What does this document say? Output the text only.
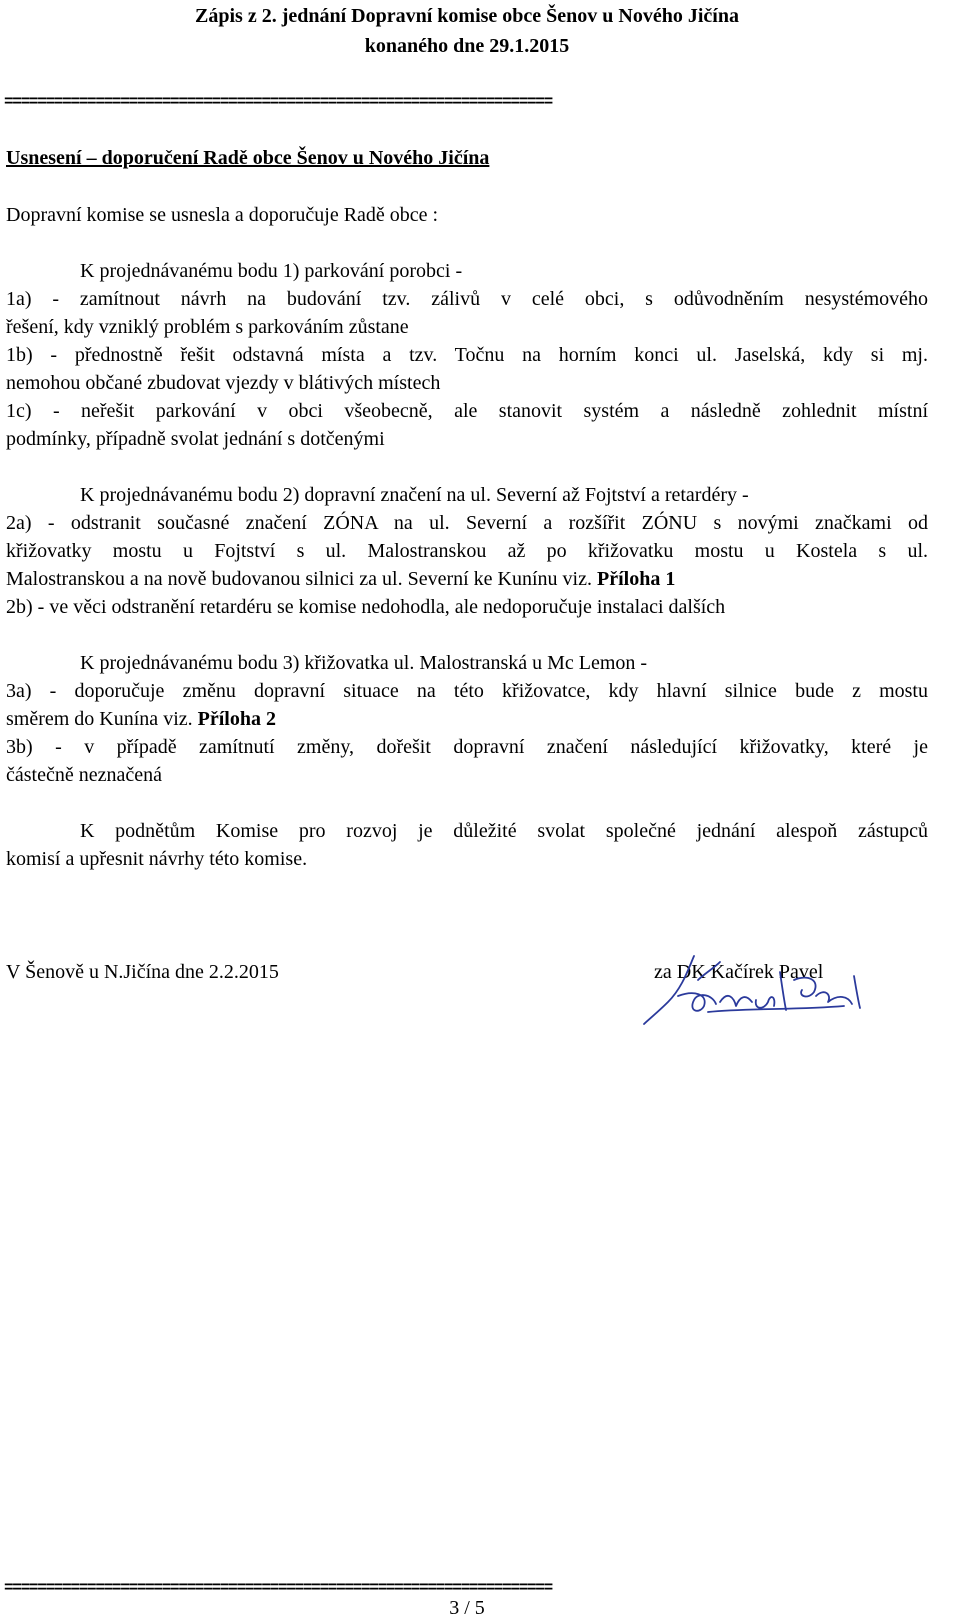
Zápis z 2. jednání Dopravní komise obce Šenov u Nového Jičína
konaného dne 29.1.2015
==================================================================
Usnesení – doporučení Radě obce Šenov u Nového Jičína
Dopravní komise se usnesla a doporučuje Radě obce :
K projednávanému bodu 1) parkování porobci -
1a) - zamítnout návrh na budování tzv. zálivů v celé obci, s odůvodněním nesystémového
řešení, kdy vzniklý problém s parkováním zůstane
1b) - přednostně řešit odstavná místa a tzv. Točnu na horním konci ul. Jaselská, kdy si mj.
nemohou občané zbudovat vjezdy v blátivých místech
1c) - neřešit parkování v obci všeobecně, ale stanovit systém a následně zohlednit místní
podmínky, případně svolat jednání s dotčenými
K projednávanému bodu 2) dopravní značení na ul. Severní až Fojtství a retardéry -
2a) - odstranit současné značení ZÓNA na ul. Severní a rozšířit ZÓNU s novými značkami od
křižovatky mostu u Fojtství s ul. Malostranskou až po křižovatku mostu u Kostela s ul.
Malostranskou a na nově budovanou silnici za ul. Severní ke Kunínu viz. Příloha 1
2b) - ve věci odstranění retardéru se komise nedohodla, ale nedoporučuje instalaci dalších
K projednávanému bodu 3) křižovatka ul. Malostranská u Mc Lemon -
3a) - doporučuje změnu dopravní situace na této křižovatce, kdy hlavní silnice bude z mostu
směrem do Kunína viz. Příloha 2
3b) - v případě zamítnutí změny, dořešit dopravní značení následující křižovatky, které je
částečně neznačená
K podnětům Komise pro rozvoj je důležité svolat společné jednání alespoň zástupců
komisí a upřesnit návrhy této komise.
V Šenově u N.Jičína dne 2.2.2015	za DK Kačírek Pavel
==================================================================
3 / 5
